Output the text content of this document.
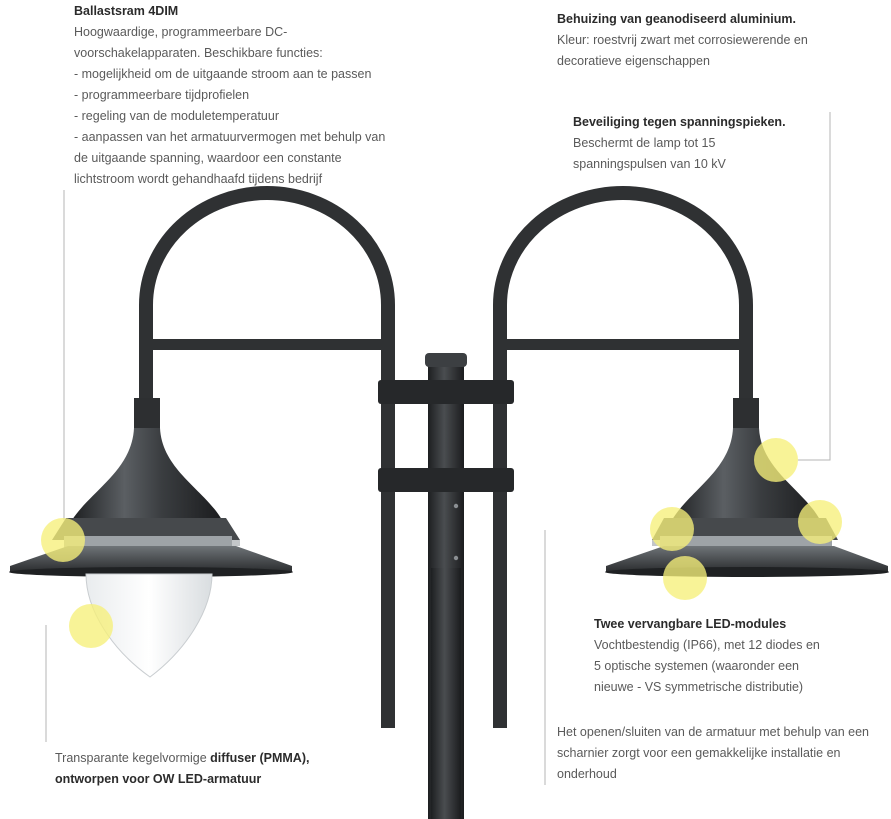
Ballastsram 4DIM
Hoogwaardige, programmeerbare DC-
voorschakelapparaten. Beschikbare functies:
- mogelijkheid om de uitgaande stroom aan te passen
- programmeerbare tijdprofielen
- regeling van de moduletemperatuur
- aanpassen van het armatuurvermogen met behulp van
de uitgaande spanning, waardoor een constante
lichtstroom wordt gehandhaafd tijdens bedrijf
Behuizing van geanodiseerd aluminium.
Kleur: roestvrij zwart met corrosiewerende en
decoratieve eigenschappen
Beveiliging tegen spanningspieken.
Beschermt de lamp tot 15
spanningspulsen van 10 kV
Twee vervangbare LED-modules
Vochtbestendig (IP66), met 12 diodes en
5 optische systemen (waaronder een
nieuwe - VS symmetrische distributie)
Het openen/sluiten van de armatuur met behulp van een
scharnier zorgt voor een gemakkelijke installatie en
onderhoud
Transparante kegelvormige diffuser (PMMA),
ontworpen voor OW LED-armatuur
